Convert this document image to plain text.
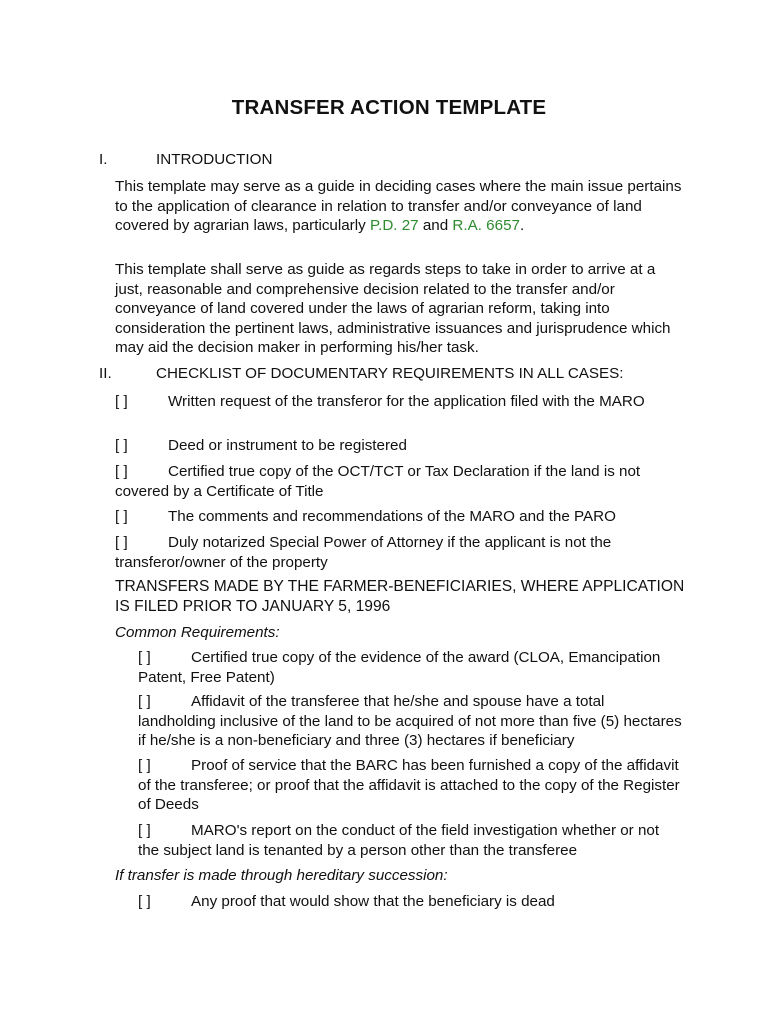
TRANSFER ACTION TEMPLATE
I.	INTRODUCTION
This template may serve as a guide in deciding cases where the main issue pertains to the application of clearance in relation to transfer and/or conveyance of land covered by agrarian laws, particularly P.D. 27 and R.A. 6657.
This template shall serve as guide as regards steps to take in order to arrive at a just, reasonable and comprehensive decision related to the transfer and/or conveyance of land covered under the laws of agrarian reform, taking into consideration the pertinent laws, administrative issuances and jurisprudence which may aid the decision maker in performing his/her task.
II.	CHECKLIST OF DOCUMENTARY REQUIREMENTS IN ALL CASES:
[ ]	Written request of the transferor for the application filed with the MARO
[ ]	Deed or instrument to be registered
[ ]	Certified true copy of the OCT/TCT or Tax Declaration if the land is not covered by a Certificate of Title
[ ]	The comments and recommendations of the MARO and the PARO
[ ]	Duly notarized Special Power of Attorney if the applicant is not the transferor/owner of the property
TRANSFERS MADE BY THE FARMER-BENEFICIARIES, WHERE APPLICATION IS FILED PRIOR TO JANUARY 5, 1996
Common Requirements:
[ ]	Certified true copy of the evidence of the award (CLOA, Emancipation Patent, Free Patent)
[ ]	Affidavit of the transferee that he/she and spouse have a total landholding inclusive of the land to be acquired of not more than five (5) hectares if he/she is a non-beneficiary and three (3) hectares if beneficiary
[ ]	Proof of service that the BARC has been furnished a copy of the affidavit of the transferee; or proof that the affidavit is attached to the copy of the Register of Deeds
[ ]	MARO's report on the conduct of the field investigation whether or not the subject land is tenanted by a person other than the transferee
If transfer is made through hereditary succession:
[ ]	Any proof that would show that the beneficiary is dead
